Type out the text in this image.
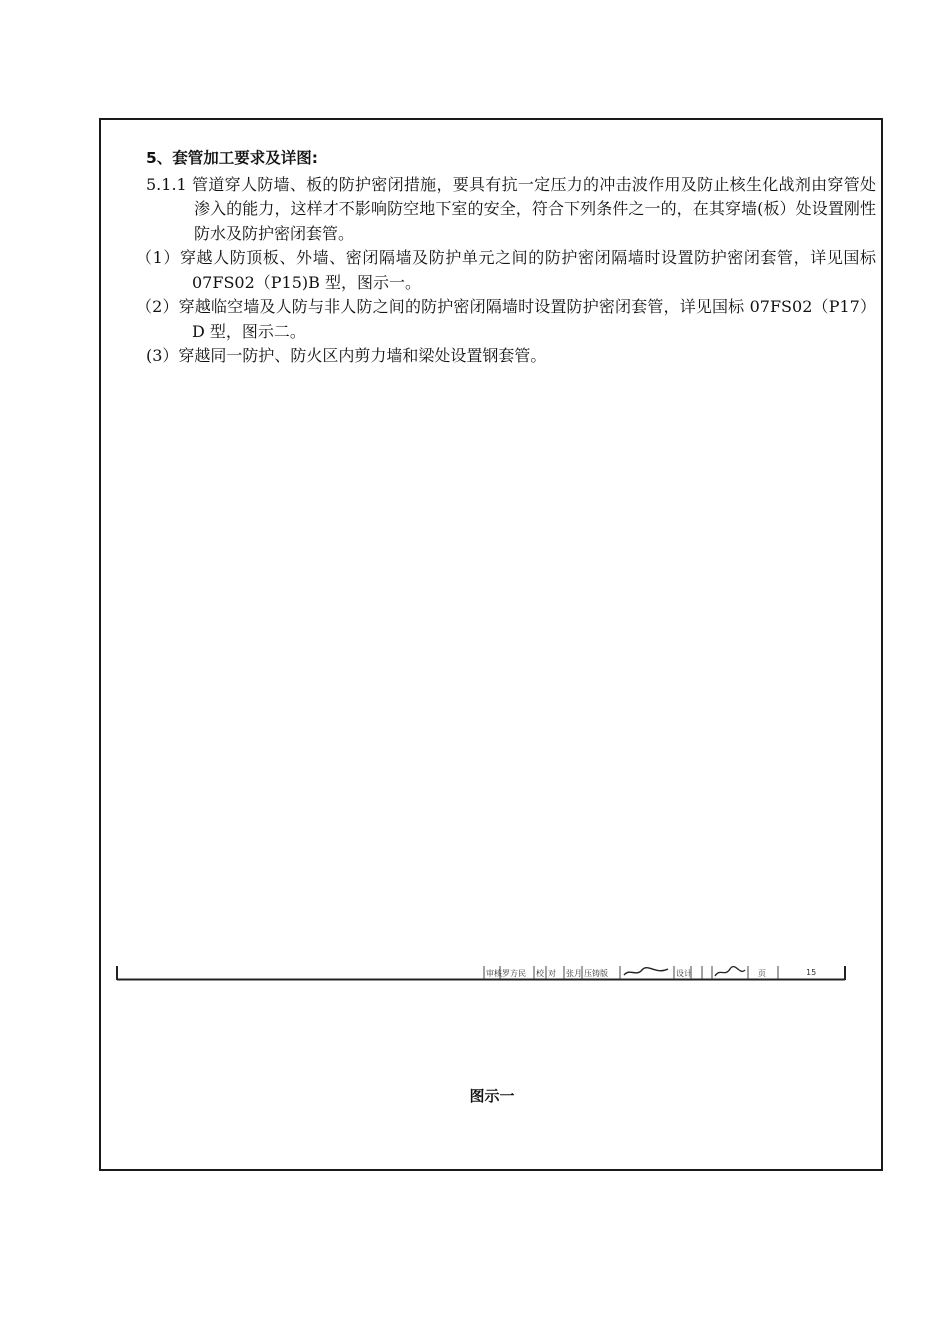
5、套管加工要求及详图:

5.1.1 管道穿人防墙、板的防护密闭措施，要具有抗一定压力的冲击波作用及防止核生化战剂由穿管处渗入的能力，这样才不影响防空地下室的安全，符合下列条件之一的，在其穿墙(板）处设置刚性防水及防护密闭套管。

（1）穿越人防顶板、外墙、密闭隔墙及防护单元之间的防护密闭隔墙时设置防护密闭套管，详见国标 07FS02（P15)B 型，图示一。

（2）穿越临空墙及人防与非人防之间的防护密闭隔墙时设置防护密闭套管，详见国标 07FS02（P17）D 型，图示二。

(3）穿越同一防护、防火区内剪力墙和梁处设置钢套管。

审核 罗方民 校 对 张月 压铸版	设计	页	15
图示一
